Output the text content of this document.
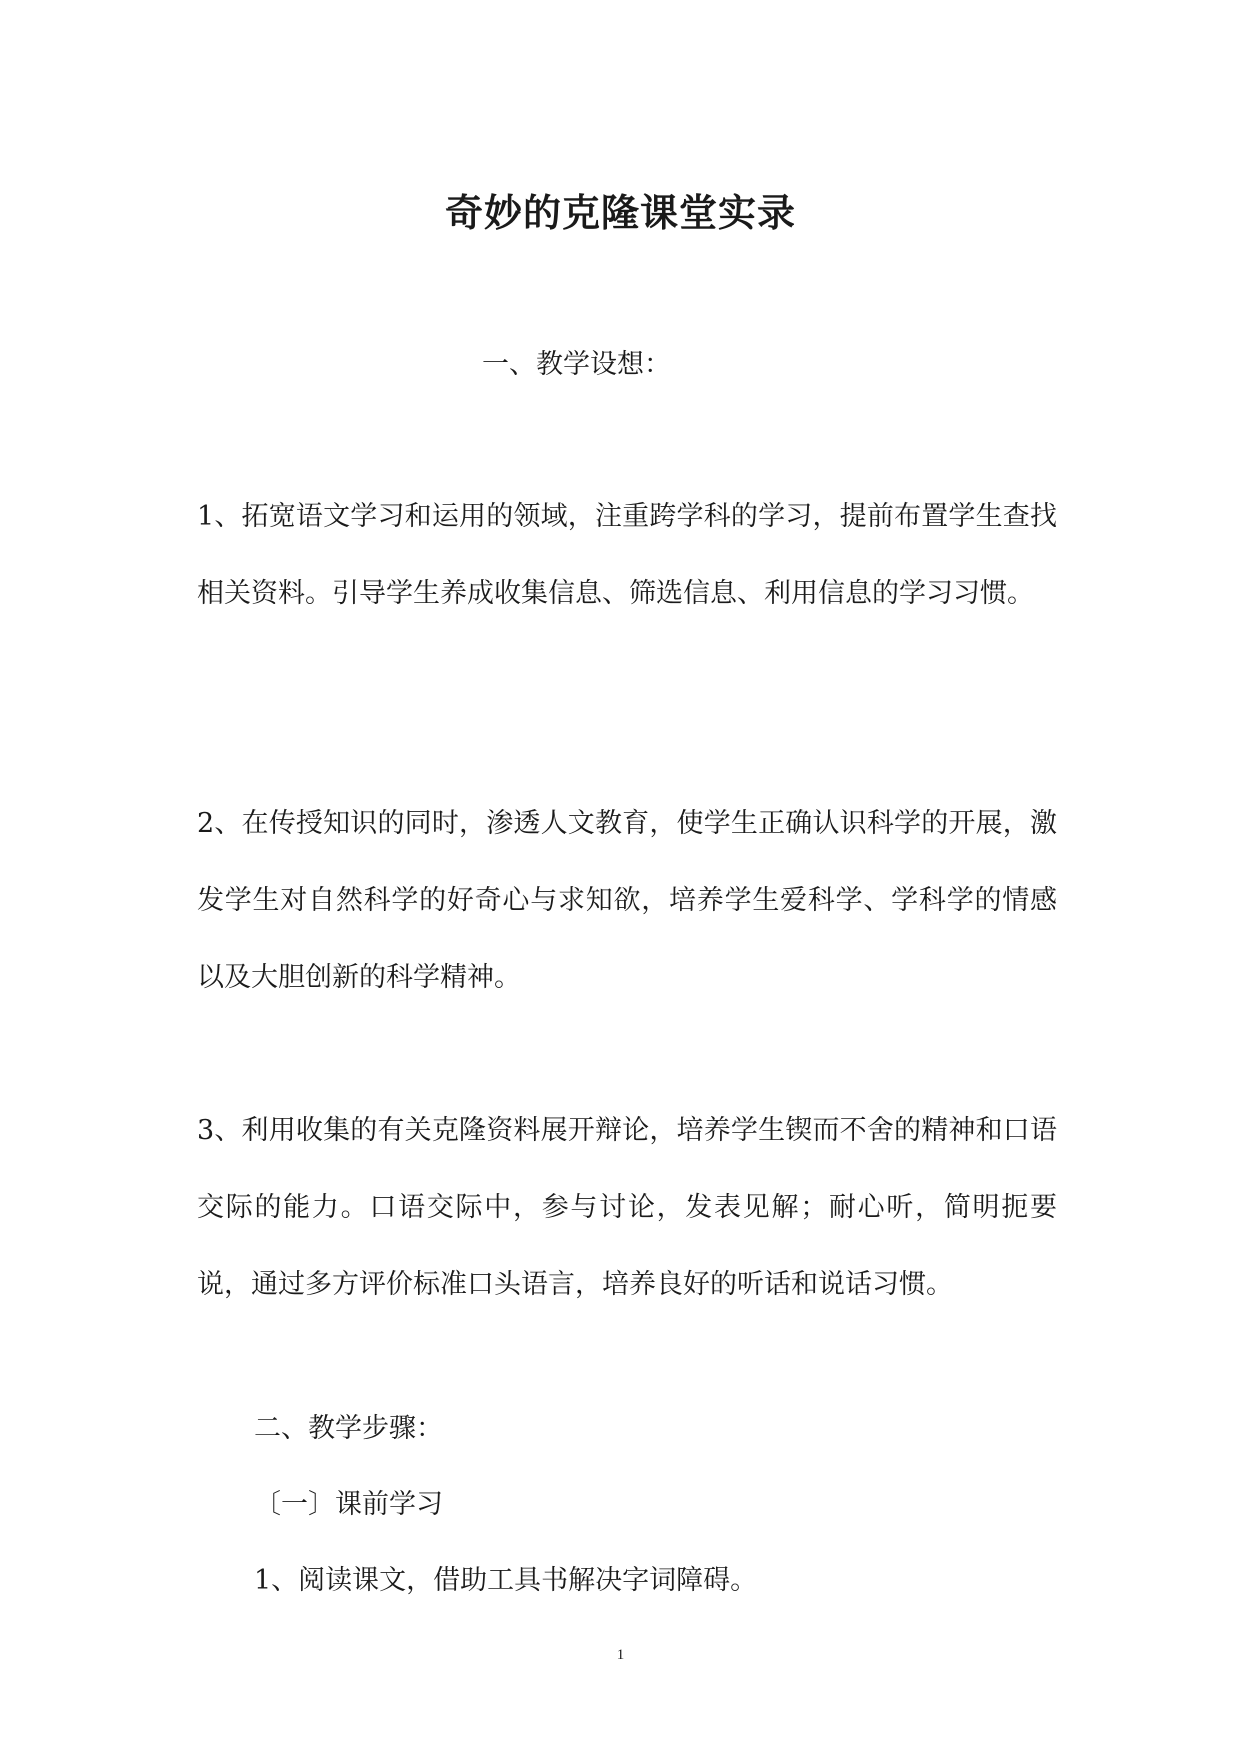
奇妙的克隆课堂实录
一、教学设想：

1、拓宽语文学习和运用的领域，注重跨学科的学习，提前布置学生查找相关资料。引导学生养成收集信息、筛选信息、利用信息的学习习惯。

2、在传授知识的同时，渗透人文教育，使学生正确认识科学的开展，激发学生对自然科学的好奇心与求知欲，培养学生爱科学、学科学的情感以及大胆创新的科学精神。

3、利用收集的有关克隆资料展开辩论，培养学生锲而不舍的精神和口语交际的能力。口语交际中，参与讨论，发表见解；耐心听，简明扼要说，通过多方评价标准口头语言，培养良好的听话和说话习惯。

二、教学步骤：
〔一〕课前学习
1、阅读课文，借助工具书解决字词障碍。
1
